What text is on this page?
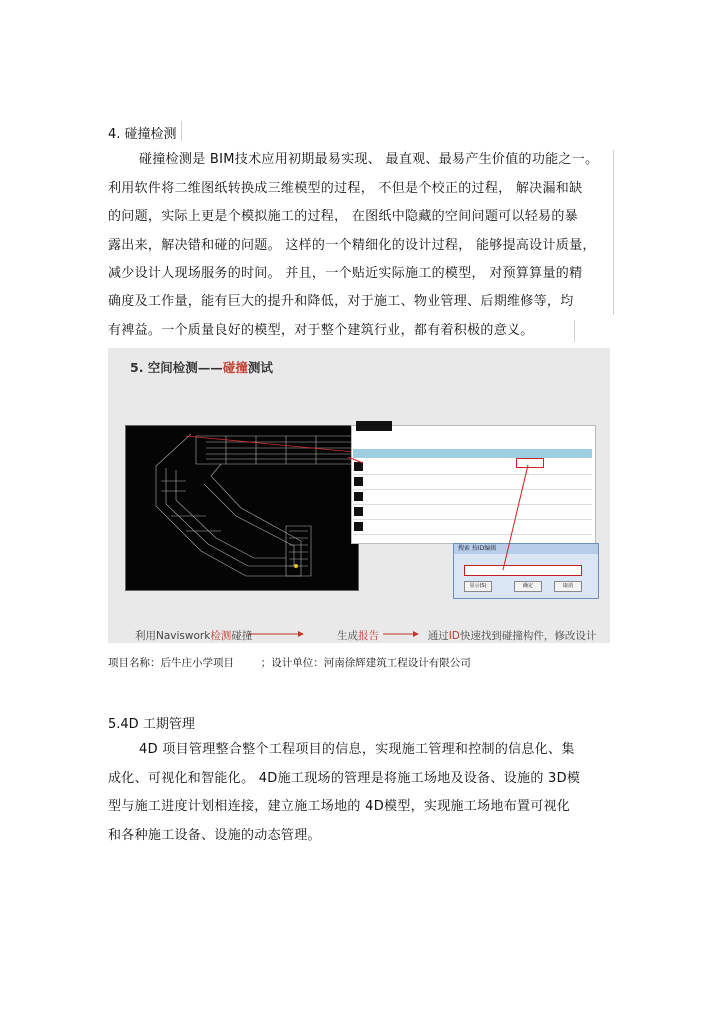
4. 碰撞检测
碰撞检测是 BIM技术应用初期最易实现、 最直观、最易产生价值的功能之一。
利用软件将二维图纸转换成三维模型的过程， 不但是个校正的过程， 解决漏和缺
的问题，实际上更是个模拟施工的过程， 在图纸中隐藏的空间问题可以轻易的暴
露出来，解决错和碰的问题。 这样的一个精细化的设计过程， 能够提高设计质量，
减少设计人现场服务的时间。 并且，一个贴近实际施工的模型， 对预算算量的精
确度及工作量，能有巨大的提升和降低，对于施工、物业管理、后期维修等，均
有裨益。一个质量良好的模型，对于整个建筑行业，都有着积极的意义。
5. 空间检测——碰撞测试
搜索 按ID编辑
显示(S)	确定	取消
利用Naviswork检测碰撞	生成报告	通过ID快速找到碰撞构件，修改设计
项目名称：后牛庄小学项目        ；设计单位：河南徐辉建筑工程设计有限公司
5.4D 工期管理
4D 项目管理整合整个工程项目的信息，实现施工管理和控制的信息化、集
成化、可视化和智能化。 4D施工现场的管理是将施工场地及设备、设施的 3D模
型与施工进度计划相连接，建立施工场地的 4D模型，实现施工场地布置可视化
和各种施工设备、设施的动态管理。
